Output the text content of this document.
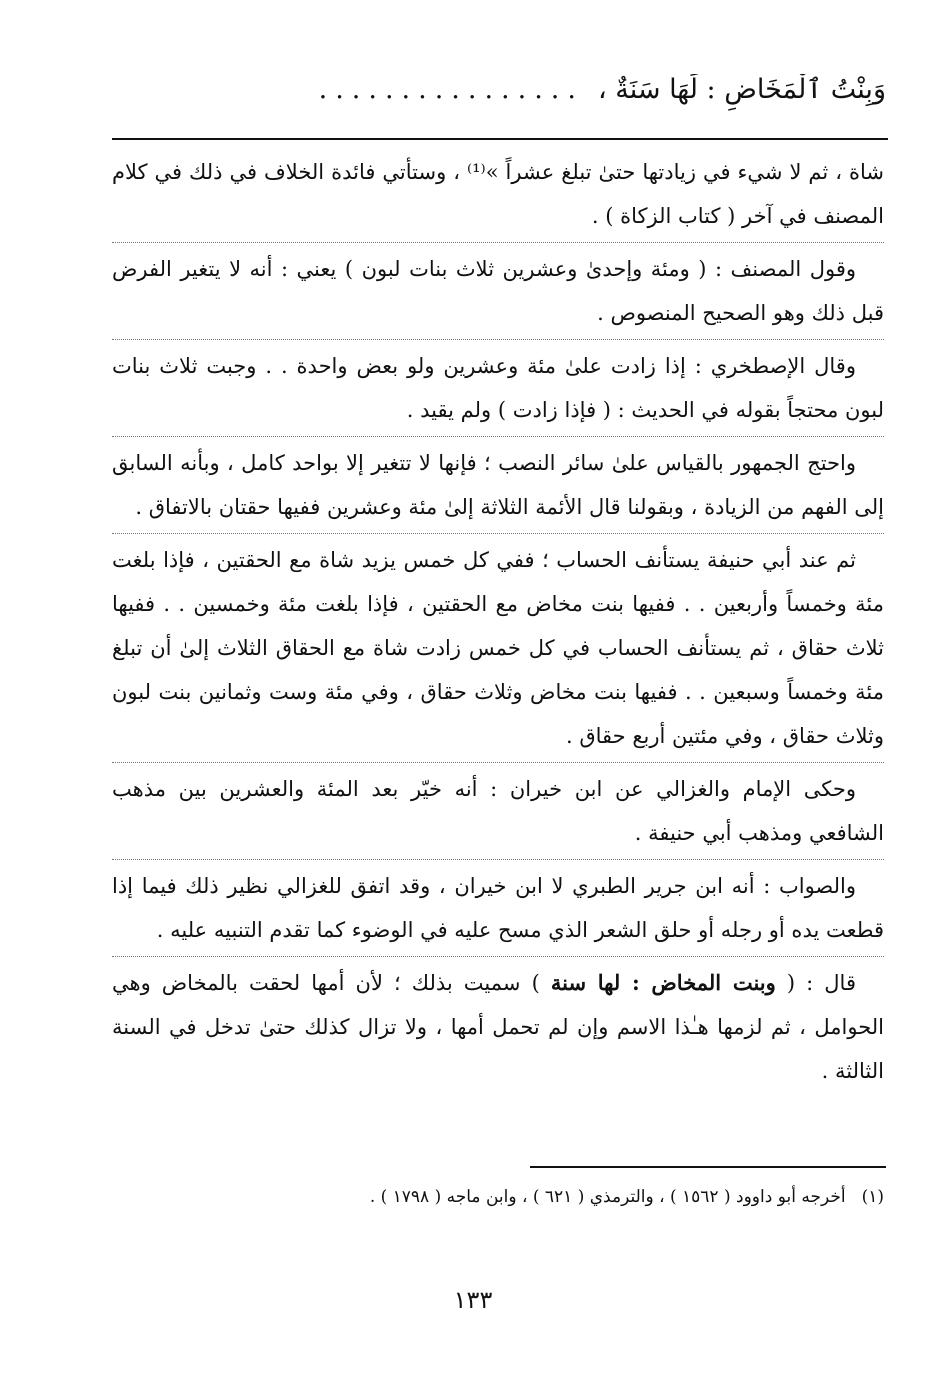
وَبِنْتُ ٱلْمَخَاضِ : لَهَا سَنَةٌ ،................

شاة ، ثم لا شيء في زيادتها حتىٰ تبلغ عشراً »⁽¹⁾ ، وستأتي فائدة الخلاف في ذلك في كلام المصنف في آخر ( كتاب الزكاة ) .

وقول المصنف : ( ومئة وإحدىٰ وعشرين ثلاث بنات لبون ) يعني : أنه لا يتغير الفرض قبل ذلك وهو الصحيح المنصوص .

وقال الإصطخري : إذا زادت علىٰ مئة وعشرين ولو بعض واحدة . . وجبت ثلاث بنات لبون محتجاً بقوله في الحديث : ( فإذا زادت ) ولم يقيد .

واحتج الجمهور بالقياس علىٰ سائر النصب ؛ فإنها لا تتغير إلا بواحد كامل ، وبأنه السابق إلى الفهم من الزيادة ، وبقولنا قال الأئمة الثلاثة إلىٰ مئة وعشرين ففيها حقتان بالاتفاق .

ثم عند أبي حنيفة يستأنف الحساب ؛ ففي كل خمس يزيد شاة مع الحقتين ، فإذا بلغت مئة وخمساً وأربعين . . ففيها بنت مخاض مع الحقتين ، فإذا بلغت مئة وخمسين . . ففيها ثلاث حقاق ، ثم يستأنف الحساب في كل خمس زادت شاة مع الحقاق الثلاث إلىٰ أن تبلغ مئة وخمساً وسبعين . . ففيها بنت مخاض وثلاث حقاق ، وفي مئة وست وثمانين بنت لبون وثلاث حقاق ، وفي مئتين أربع حقاق .

وحكى الإمام والغزالي عن ابن خيران : أنه خيّر بعد المئة والعشرين بين مذهب الشافعي ومذهب أبي حنيفة .

والصواب : أنه ابن جرير الطبري لا ابن خيران ، وقد اتفق للغزالي نظير ذلك فيما إذا قطعت يده أو رجله أو حلق الشعر الذي مسح عليه في الوضوء كما تقدم التنبيه عليه .

قال : ( وبنت المخاض : لها سنة ) سميت بذلك ؛ لأن أمها لحقت بالمخاض وهي الحوامل ، ثم لزمها هـٰذا الاسم وإن لم تحمل أمها ، ولا تزال كذلك حتىٰ تدخل في السنة الثالثة .

(١)أخرجه أبو داوود ( ١٥٦٢ ) ، والترمذي ( ٦٢١ ) ، وابن ماجه ( ١٧٩٨ ) .
١٣٣
